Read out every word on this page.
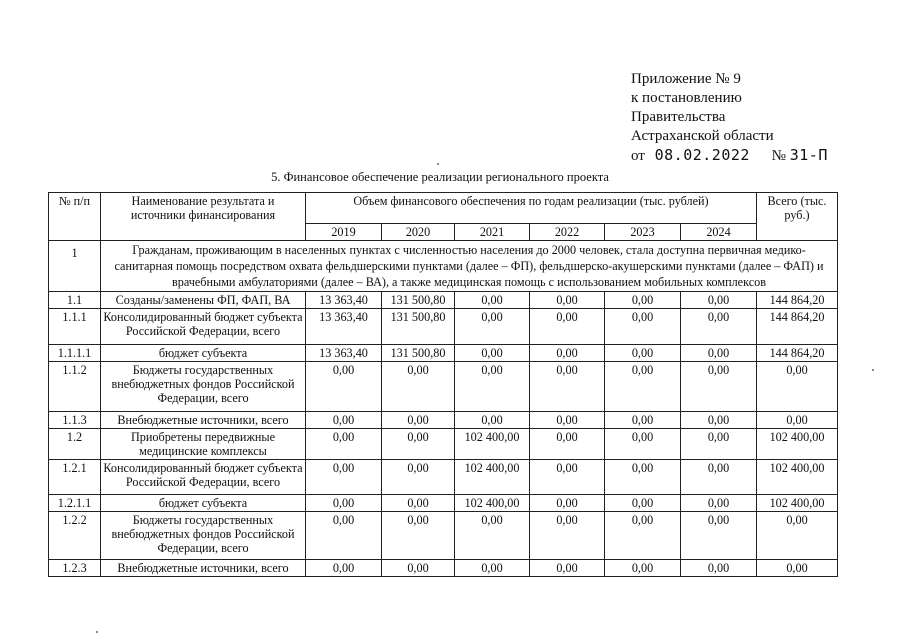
Приложение № 9
к постановлению
Правительства
Астраханской области
от 08.02.2022 № 31-П
5. Финансовое обеспечение реализации регионального проекта
№ п/п	Наименование результата и источники финансирования	Объем финансового обеспечения по годам реализации (тыс. рублей)						Всего (тыс. руб.)
		2019	2020	2021	2022	2023	2024	
1	Гражданам, проживающим в населенных пунктах с численностью населения до 2000 человек, стала доступна первичная медико-санитарная помощь посредством охвата фельдшерскими пунктами (далее – ФП), фельдшерско-акушерскими пунктами (далее – ФАП) и врачебными амбулаториями (далее – ВА), а также медицинская помощь с использованием мобильных комплексов							
1.1	Созданы/заменены ФП, ФАП, ВА	13 363,40	131 500,80	0,00	0,00	0,00	0,00	144 864,20
1.1.1	Консолидированный бюджет субъекта Российской Федерации, всего	13 363,40	131 500,80	0,00	0,00	0,00	0,00	144 864,20
1.1.1.1	бюджет субъекта	13 363,40	131 500,80	0,00	0,00	0,00	0,00	144 864,20
1.1.2	Бюджеты государственных внебюджетных фондов Российской Федерации, всего	0,00	0,00	0,00	0,00	0,00	0,00	0,00
1.1.3	Внебюджетные источники, всего	0,00	0,00	0,00	0,00	0,00	0,00	0,00
1.2	Приобретены передвижные медицинские комплексы	0,00	0,00	102 400,00	0,00	0,00	0,00	102 400,00
1.2.1	Консолидированный бюджет субъекта Российской Федерации, всего	0,00	0,00	102 400,00	0,00	0,00	0,00	102 400,00
1.2.1.1	бюджет субъекта	0,00	0,00	102 400,00	0,00	0,00	0,00	102 400,00
1.2.2	Бюджеты государственных внебюджетных фондов Российской Федерации, всего	0,00	0,00	0,00	0,00	0,00	0,00	0,00
1.2.3	Внебюджетные источники, всего	0,00	0,00	0,00	0,00	0,00	0,00	0,00
